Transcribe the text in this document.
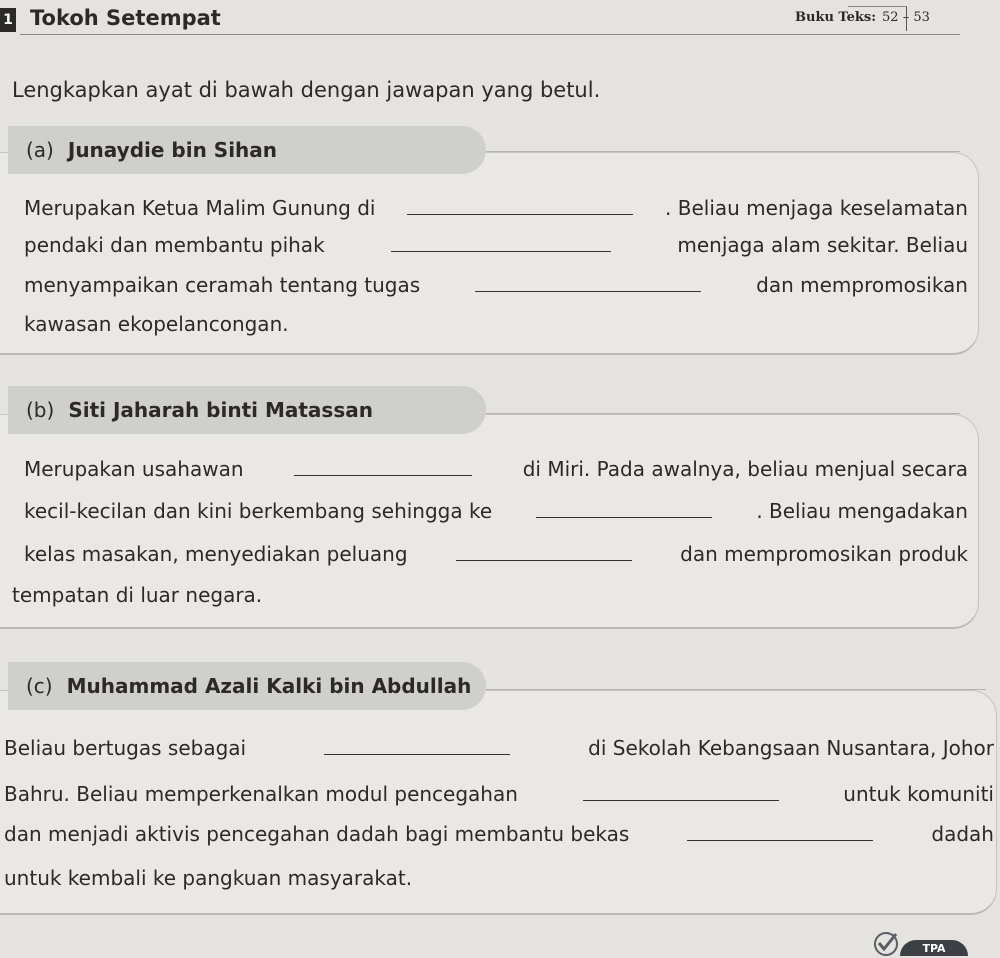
1 Tokoh Setempat	Buku Teks: 52 – 53
Lengkapkan ayat di bawah dengan jawapan yang betul.
(a) Junaydie bin Sihan
Merupakan Ketua Malim Gunung di	. Beliau menjaga keselamatan
pendaki dan membantu pihak	menjaga alam sekitar. Beliau
menyampaikan ceramah tentang tugas	dan mempromosikan
kawasan ekopelancongan.
(b) Siti Jaharah binti Matassan
Merupakan usahawan	di Miri. Pada awalnya, beliau menjual secara
kecil-kecilan dan kini berkembang sehingga ke	. Beliau mengadakan
kelas masakan, menyediakan peluang	dan mempromosikan produk
tempatan di luar negara.
(c) Muhammad Azali Kalki bin Abdullah
Beliau bertugas sebagai	di Sekolah Kebangsaan Nusantara, Johor
Bahru. Beliau memperkenalkan modul pencegahan	untuk komuniti
dan menjadi aktivis pencegahan dadah bagi membantu bekas	dadah
untuk kembali ke pangkuan masyarakat.
TPA
